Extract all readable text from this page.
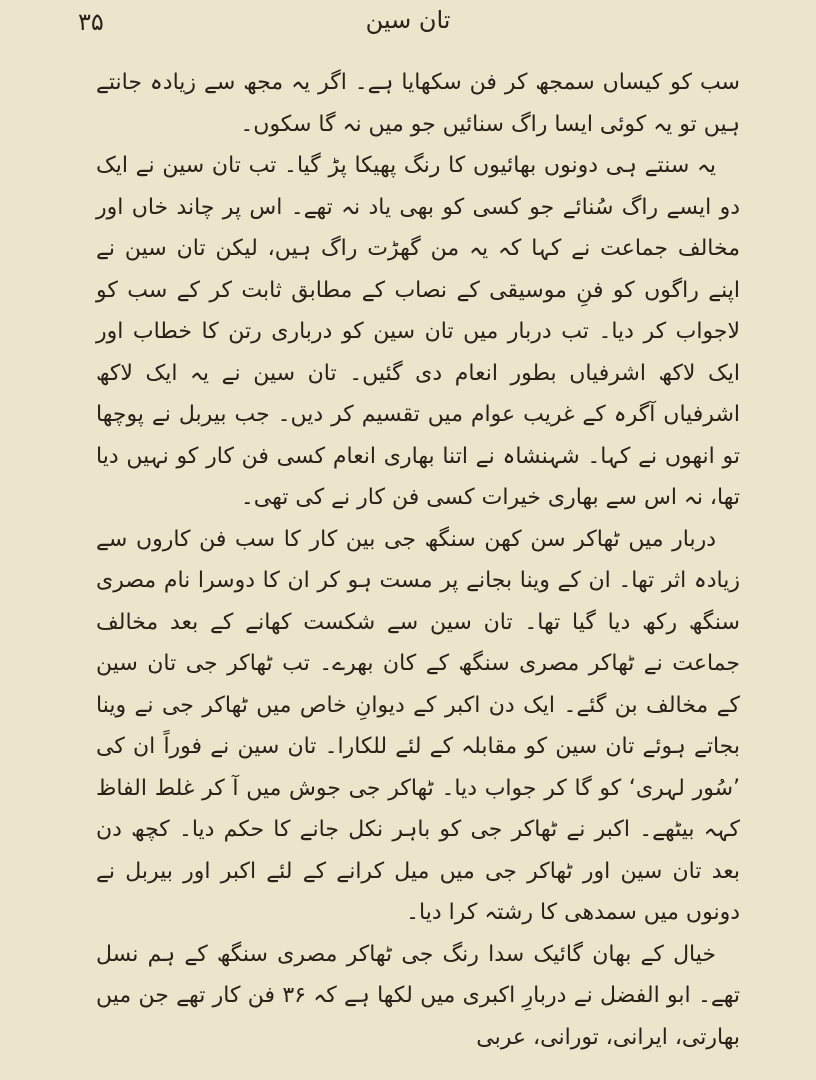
۳۵	تان سین

سب کو کیساں سمجھ کر فن سکھایا ہے۔ اگر یہ مجھ سے زیادہ جانتے ہیں تو یہ کوئی ایسا راگ سنائیں جو میں نہ گا سکوں۔

یہ سنتے ہی دونوں بھائیوں کا رنگ پھیکا پڑ گیا۔ تب تان سین نے ایک دو ایسے راگ سُنائے جو کسی کو بھی یاد نہ تھے۔ اس پر چاند خاں اور مخالف جماعت نے کہا کہ یہ من گھڑت راگ ہیں، لیکن تان سین نے اپنے راگوں کو فنِ موسیقی کے نصاب کے مطابق ثابت کر کے سب کو لاجواب کر دیا۔ تب دربار میں تان سین کو درباری رتن کا خطاب اور ایک لاکھ اشرفیاں بطور انعام دی گئیں۔ تان سین نے یہ ایک لاکھ اشرفیاں آگرہ کے غریب عوام میں تقسیم کر دیں۔ جب بیربل نے پوچھا تو انھوں نے کہا۔ شہنشاہ نے اتنا بھاری انعام کسی فن کار کو نہیں دیا تھا، نہ اس سے بھاری خیرات کسی فن کار نے کی تھی۔

دربار میں ٹھاکر سن کھن سنگھ جی بین کار کا سب فن کاروں سے زیادہ اثر تھا۔ ان کے وینا بجانے پر مست ہو کر ان کا دوسرا نام مصری سنگھ رکھ دیا گیا تھا۔ تان سین سے شکست کھانے کے بعد مخالف جماعت نے ٹھاکر مصری سنگھ کے کان بھرے۔ تب ٹھاکر جی تان سین کے مخالف بن گئے۔ ایک دن اکبر کے دیوانِ خاص میں ٹھاکر جی نے وینا بجاتے ہوئے تان سین کو مقابلہ کے لئے للکارا۔ تان سین نے فوراً ان کی ’سُور لہری‘ کو گا کر جواب دیا۔ ٹھاکر جی جوش میں آ کر غلط الفاظ کہہ بیٹھے۔ اکبر نے ٹھاکر جی کو باہر نکل جانے کا حکم دیا۔ کچھ دن بعد تان سین اور ٹھاکر جی میں میل کرانے کے لئے اکبر اور بیربل نے دونوں میں سمدھی کا رشتہ کرا دیا۔

خیال کے بھان گائیک سدا رنگ جی ٹھاکر مصری سنگھ کے ہم نسل تھے۔ ابو الفضل نے دربارِ اکبری میں لکھا ہے کہ ۳۶ فن کار تھے جن میں بھارتی، ایرانی، تورانی، عربی
